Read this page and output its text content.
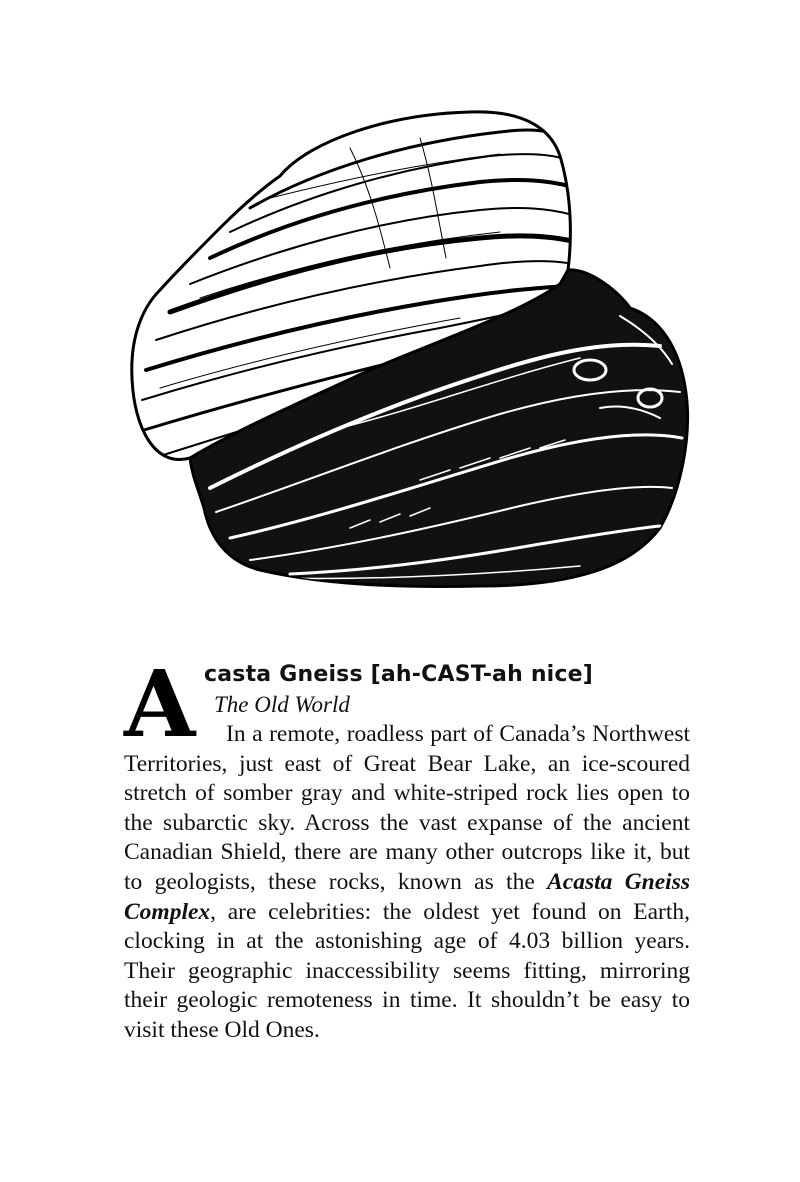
A casta Gneiss [ah-CAST-ah nice]
The Old World

In a remote, roadless part of Canada’s Northwest Territories, just east of Great Bear Lake, an ice-scoured stretch of somber gray and white-striped rock lies open to the subarctic sky. Across the vast expanse of the ancient Canadian Shield, there are many other outcrops like it, but to geologists, these rocks, known as the Acasta Gneiss Complex, are celebrities: the oldest yet found on Earth, clocking in at the astonishing age of 4.03 billion years. Their geographic inaccessibility seems fitting, mirroring their geologic remoteness in time. It shouldn’t be easy to visit these Old Ones.
